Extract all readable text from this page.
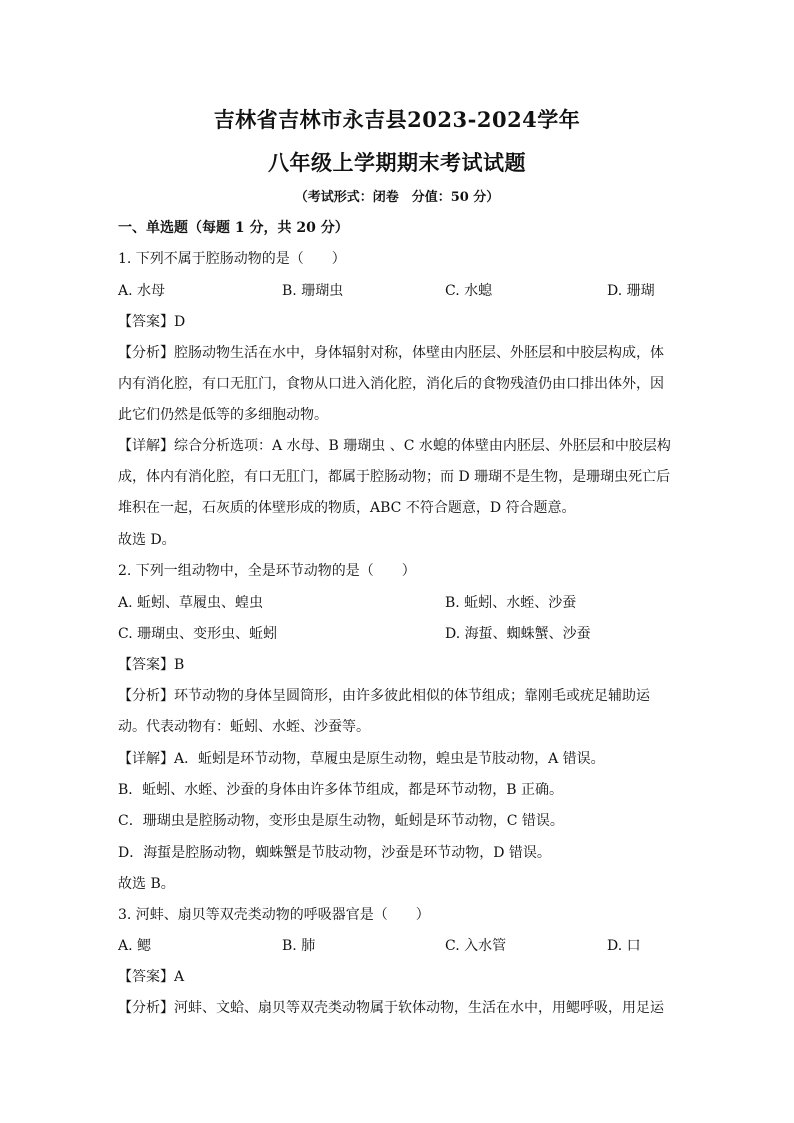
吉林省吉林市永吉县2023-2024学年
八年级上学期期末考试试题
（考试形式：闭卷　分值：50 分）
一、单选题（每题 1 分，共 20 分）
1. 下列不属于腔肠动物的是（　　）
A. 水母	B. 珊瑚虫	C. 水螅	D. 珊瑚
【答案】D
【分析】腔肠动物生活在水中，身体辐射对称，体壁由内胚层、外胚层和中胶层构成，体
内有消化腔，有口无肛门，食物从口进入消化腔，消化后的食物残渣仍由口排出体外，因
此它们仍然是低等的多细胞动物。
【详解】综合分析选项：A 水母、B 珊瑚虫 、C 水螅的体壁由内胚层、外胚层和中胶层构
成，体内有消化腔，有口无肛门，都属于腔肠动物；而 D 珊瑚不是生物，是珊瑚虫死亡后
堆积在一起，石灰质的体壁形成的物质，ABC 不符合题意，D 符合题意。
故选 D。
2. 下列一组动物中，全是环节动物的是（　　）
A. 蚯蚓、草履虫、蝗虫	B. 蚯蚓、水蛭、沙蚕
C. 珊瑚虫、变形虫、蚯蚓	D. 海蜇、蜘蛛蟹、沙蚕
【答案】B
【分析】环节动物的身体呈圆筒形，由许多彼此相似的体节组成；靠刚毛或疣足辅助运
动。代表动物有：蚯蚓、水蛭、沙蚕等。
【详解】A．蚯蚓是环节动物，草履虫是原生动物，蝗虫是节肢动物，A 错误。
B．蚯蚓、水蛭、沙蚕的身体由许多体节组成，都是环节动物，B 正确。
C．珊瑚虫是腔肠动物，变形虫是原生动物，蚯蚓是环节动物，C 错误。
D．海蜇是腔肠动物，蜘蛛蟹是节肢动物，沙蚕是环节动物，D 错误。
故选 B。
3. 河蚌、扇贝等双壳类动物的呼吸器官是（　　）
A. 鳃	B. 肺	C. 入水管	D. 口
【答案】A
【分析】河蚌、文蛤、扇贝等双壳类动物属于软体动物，生活在水中，用鳃呼吸，用足运
